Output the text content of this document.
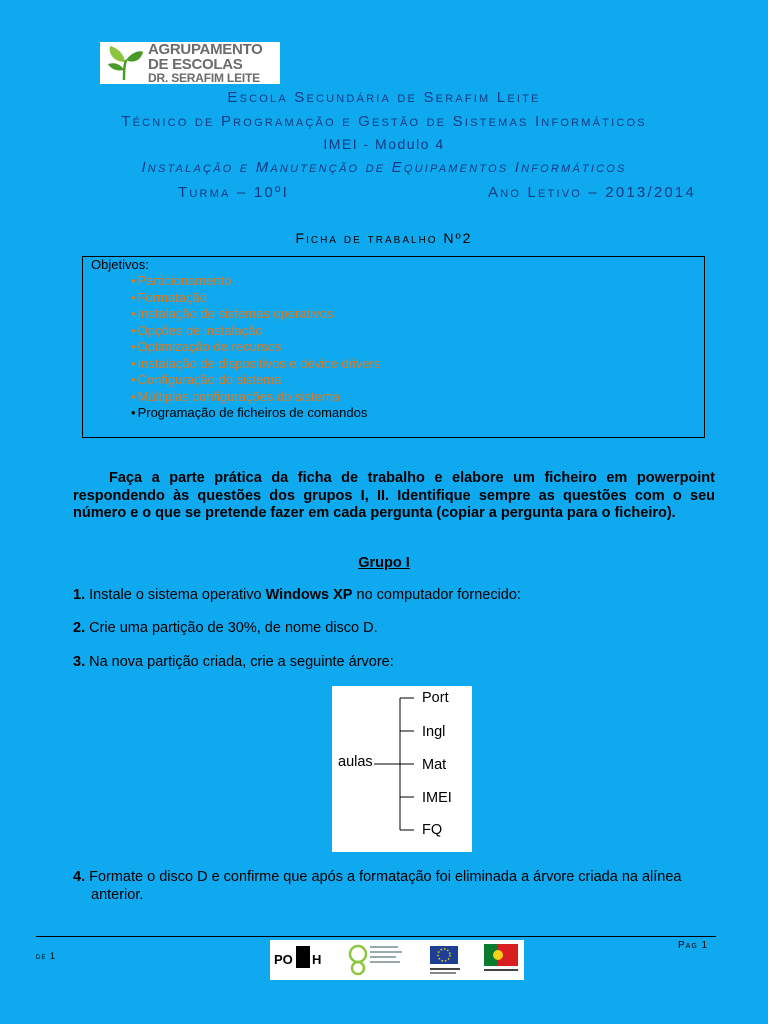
AGRUPAMENTO
DE ESCOLAS
DR. SERAFIM LEITE
Escola Secundária de Serafim Leite
Técnico de Programação e Gestão de Sistemas Informáticos
IMEI - Modulo 4
Instalação e Manutenção de Equipamentos Informáticos
Turma – 10ºI	Ano Letivo – 2013/2014
Ficha de trabalho Nº2
Objetivos:
• Particionamento
• Formatação
• Instalação de sistemas operativos
• Opções de instalação
• Optimização de recursos
• Instalação de dispositivos e device drivers
• Configuração do sistema
• Múltiplas configurações do sistema
• Programação de ficheiros de comandos
Faça a parte prática da ficha de trabalho e elabore um ficheiro em powerpoint respondendo às questões dos grupos I, II. Identifique sempre as questões com o seu número e o que se pretende fazer em cada pergunta (copiar a pergunta para o ficheiro).
Grupo I
1. Instale o sistema operativo Windows XP no computador fornecido:
2. Crie uma partição de 30%, de nome disco D.
3. Na nova partição criada, crie a seguinte árvore:
aulas
Port
Ingl
Mat
IMEI
FQ
4. Formate o disco D e confirme que após a formatação foi eliminada a árvore criada na alínea anterior.
Pag 1
de 1	PO H
